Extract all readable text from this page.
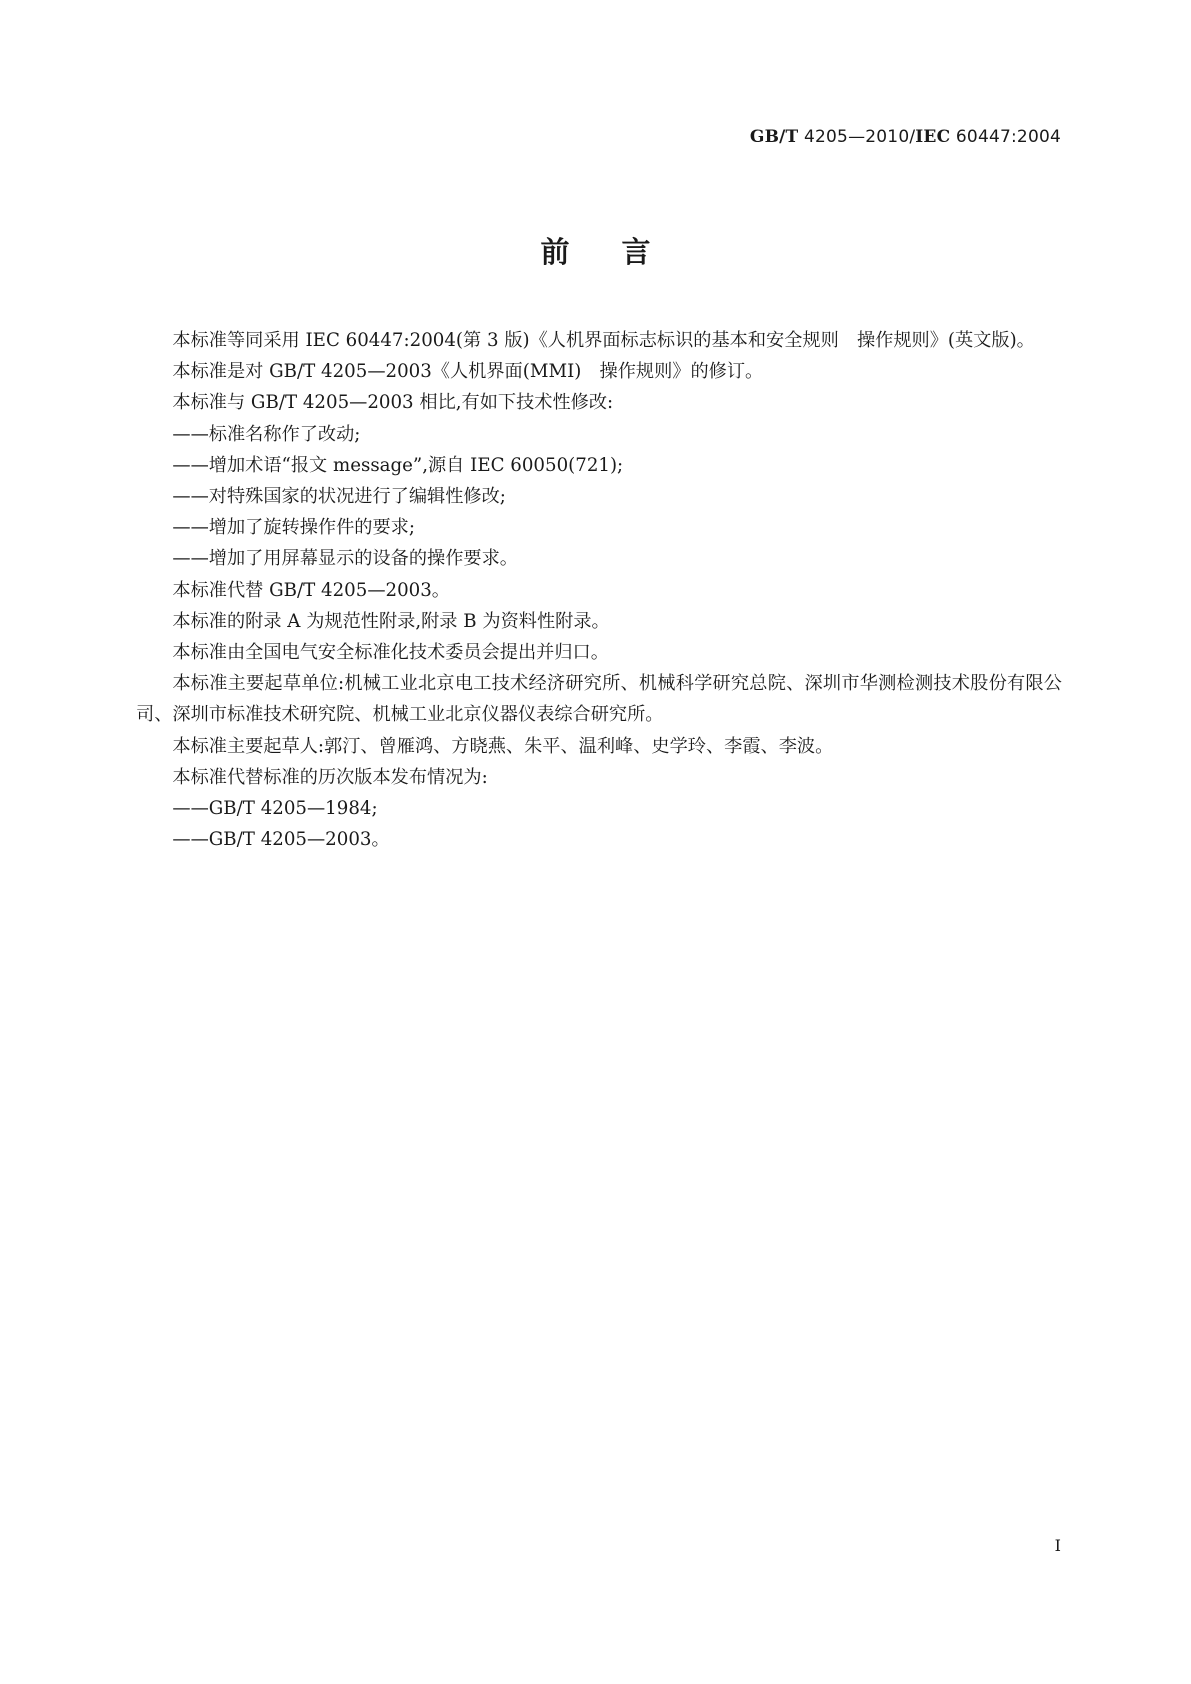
GB/T 4205—2010/IEC 60447:2004
前言

本标准等同采用 IEC 60447:2004(第 3 版)《人机界面标志标识的基本和安全规则　操作规则》(英文版)。

本标准是对 GB/T 4205—2003《人机界面(MMI)　操作规则》的修订。

本标准与 GB/T 4205—2003 相比,有如下技术性修改:

——标准名称作了改动;

——增加术语“报文 message”,源自 IEC 60050(721);

——对特殊国家的状况进行了编辑性修改;

——增加了旋转操作件的要求;

——增加了用屏幕显示的设备的操作要求。

本标准代替 GB/T 4205—2003。

本标准的附录 A 为规范性附录,附录 B 为资料性附录。

本标准由全国电气安全标准化技术委员会提出并归口。

本标准主要起草单位:机械工业北京电工技术经济研究所、机械科学研究总院、深圳市华测检测技术股份有限公司、深圳市标准技术研究院、机械工业北京仪器仪表综合研究所。

本标准主要起草人:郭汀、曾雁鸿、方晓燕、朱平、温利峰、史学玲、李霞、李波。

本标准代替标准的历次版本发布情况为:

——GB/T 4205—1984;

——GB/T 4205—2003。

I
